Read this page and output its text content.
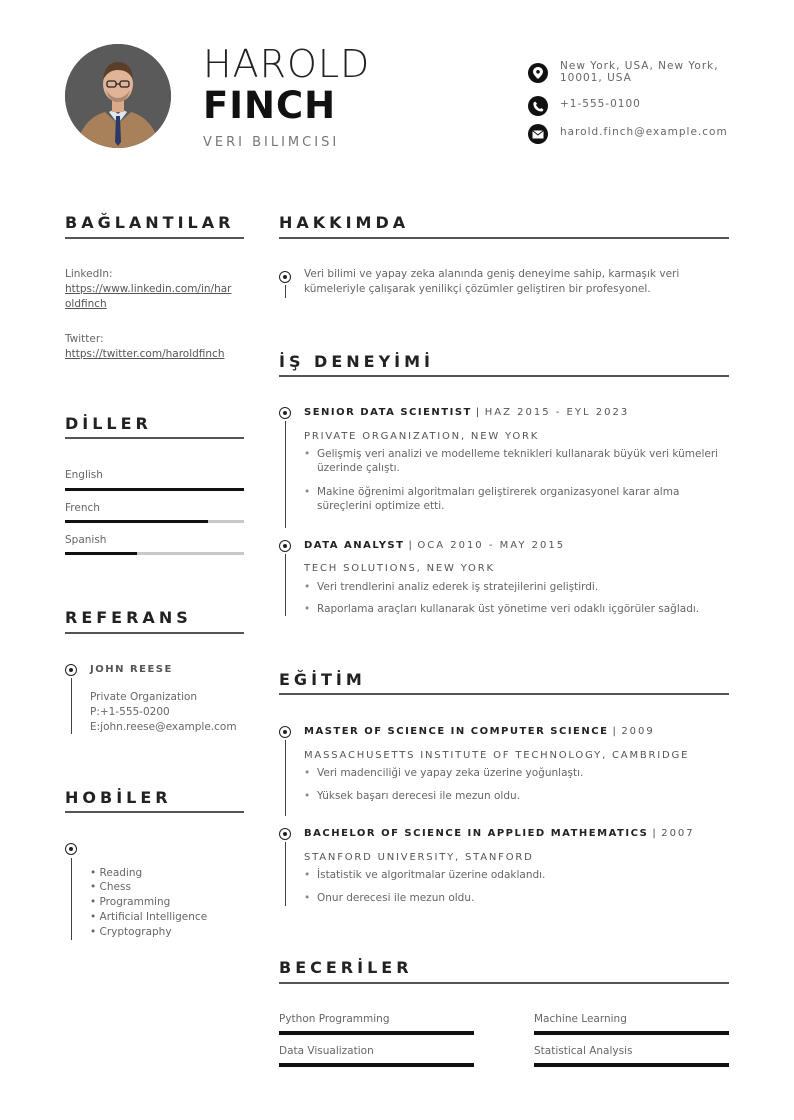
HAROLD
FINCH
VERI BILIMCISI
New York, USA, New York,
10001, USA
+1-555-0100
harold.finch@example.com
BAĞLANTILAR
LinkedIn:
https://www.linkedin.com/in/har
oldfinch
Twitter:
https://twitter.com/haroldfinch
DİLLER
English
French
Spanish
REFERANS
JOHN REESE
Private Organization
P:+1-555-0200
E:john.reese@example.com
HOBİLER
• Reading
• Chess
• Programming
• Artificial Intelligence
• Cryptography
HAKKIMDA
Veri bilimi ve yapay zeka alanında geniş deneyime sahip, karmaşık veri
kümeleriyle çalışarak yenilikçi çözümler geliştiren bir profesyonel.
İŞ DENEYİMİ
SENIOR DATA SCIENTIST | HAZ 2015 - EYL 2023
PRIVATE ORGANIZATION, NEW YORK
• Gelişmiş veri analizi ve modelleme teknikleri kullanarak büyük veri kümeleri
üzerinde çalıştı.
• Makine öğrenimi algoritmaları geliştirerek organizasyonel karar alma
süreçlerini optimize etti.
DATA ANALYST | OCA 2010 - MAY 2015
TECH SOLUTIONS, NEW YORK
• Veri trendlerini analiz ederek iş stratejilerini geliştirdi.
• Raporlama araçları kullanarak üst yönetime veri odaklı içgörüler sağladı.
EĞİTİM
MASTER OF SCIENCE IN COMPUTER SCIENCE | 2009
MASSACHUSETTS INSTITUTE OF TECHNOLOGY, CAMBRIDGE
• Veri madenciliği ve yapay zeka üzerine yoğunlaştı.
• Yüksek başarı derecesi ile mezun oldu.
BACHELOR OF SCIENCE IN APPLIED MATHEMATICS | 2007
STANFORD UNIVERSITY, STANFORD
• İstatistik ve algoritmalar üzerine odaklandı.
• Onur derecesi ile mezun oldu.
BECERİLER
Python Programming	Machine Learning
Data Visualization	Statistical Analysis
